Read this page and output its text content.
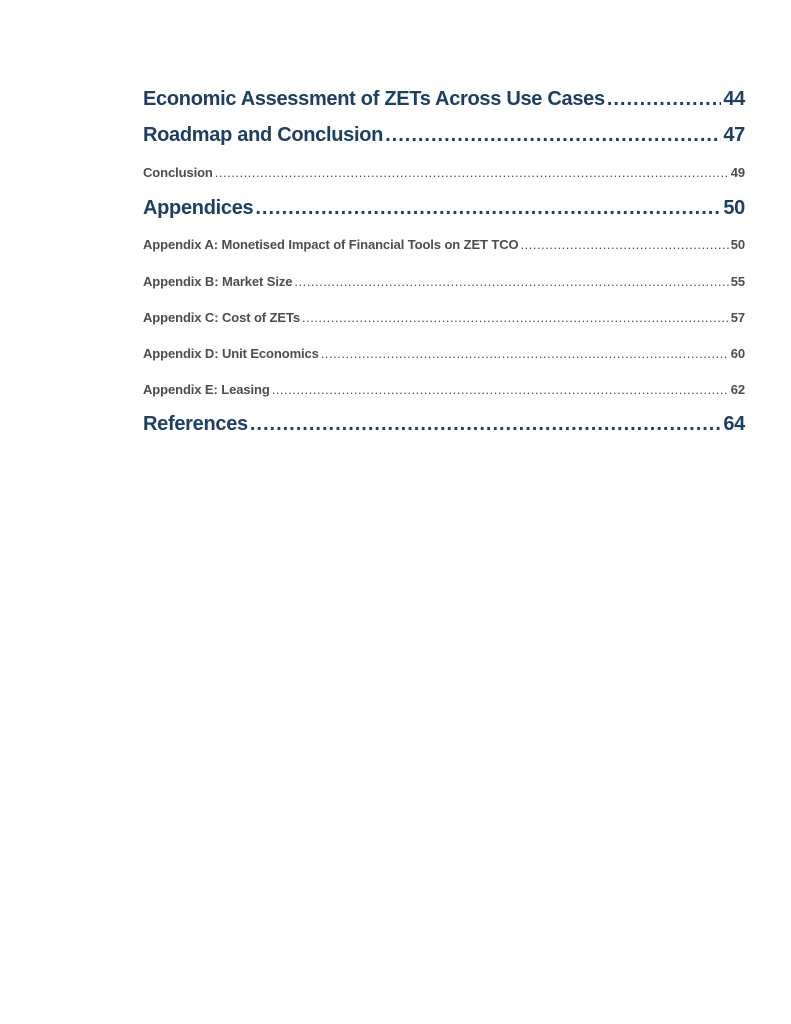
Economic Assessment of ZETs Across Use Cases .....	44
Roadmap and Conclusion .....	47
Conclusion .....	49
Appendices .....	50
Appendix A: Monetised Impact of Financial Tools on ZET TCO .....	50
Appendix B: Market Size .....	55
Appendix C: Cost of ZETs .....	57
Appendix D: Unit Economics .....	60
Appendix E: Leasing .....	62
References .....	64
